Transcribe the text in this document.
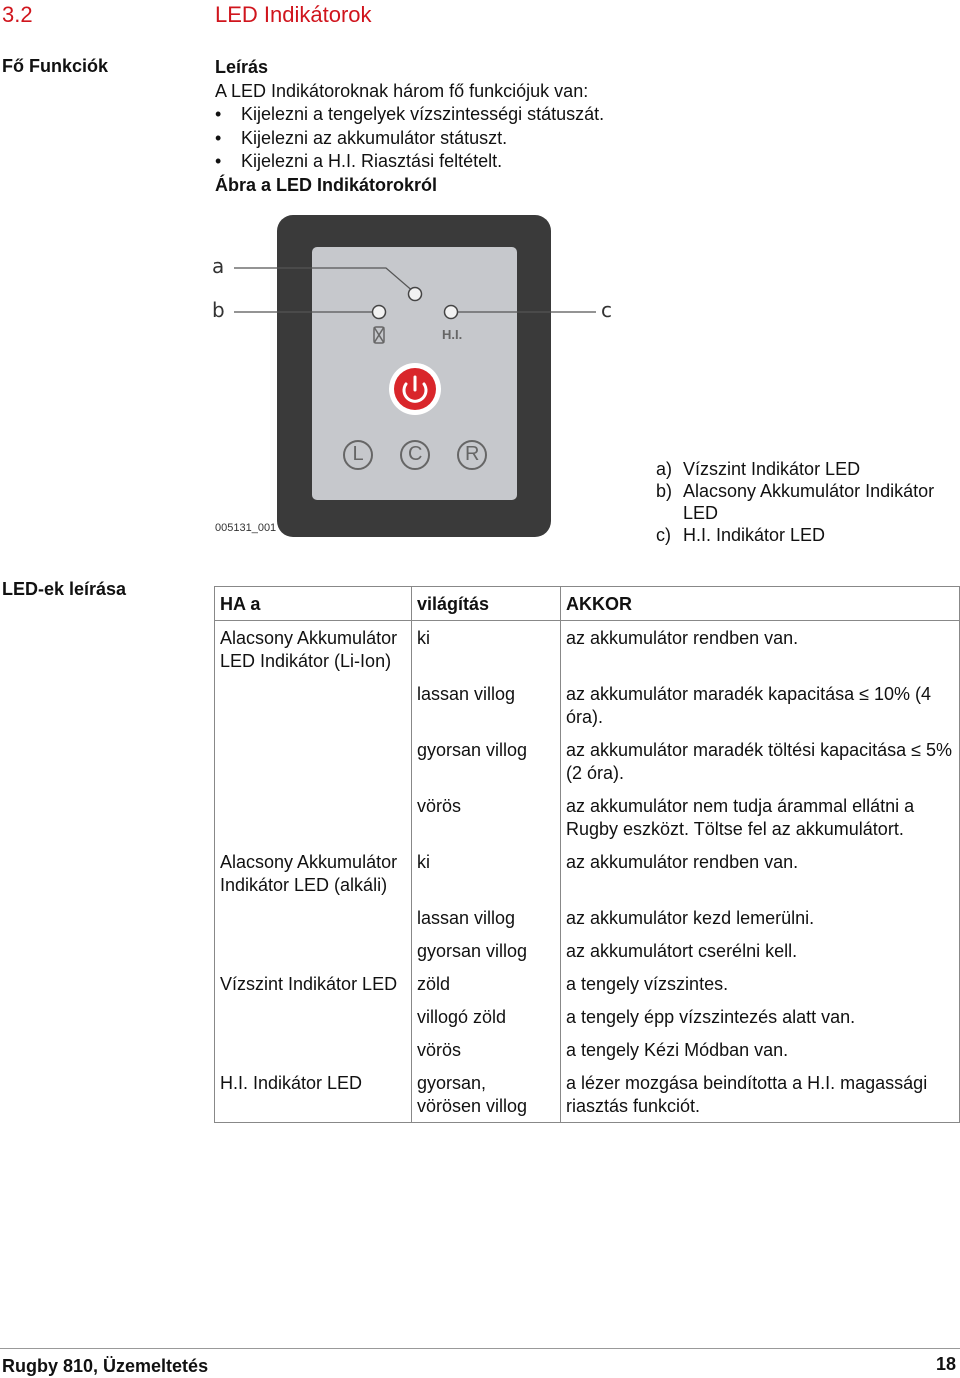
3.2	LED Indikátorok
Fő Funkciók	Leírás
A LED Indikátoroknak három fő funkciójuk van:
•	Kijelezni a tengelyek vízszintességi státuszát.
•	Kijelezni az akkumulátor státuszt.
•	Kijelezni a H.I. Riasztási feltételt.
Ábra a LED Indikátorokról
a
b	c
H.I.
L C R
005131_001
a) Vízszint Indikátor LED
b) Alacsony Akkumulátor Indikátor LED
c) H.I. Indikátor LED
LED-ek leírása
HA a	világítás	AKKOR
Alacsony Akkumulátor LED Indikátor (Li-Ion)	ki	az akkumulátor rendben van.
	lassan villog	az akkumulátor maradék kapacitása ≤ 10% (4 óra).
	gyorsan villog	az akkumulátor maradék töltési kapacitása ≤ 5% (2 óra).
	vörös	az akkumulátor nem tudja árammal ellátni a Rugby eszközt. Töltse fel az akkumulátort.
Alacsony Akkumulátor Indikátor LED (alkáli)	ki	az akkumulátor rendben van.
	lassan villog	az akkumulátor kezd lemerülni.
	gyorsan villog	az akkumulátort cserélni kell.
Vízszint Indikátor LED	zöld	a tengely vízszintes.
	villogó zöld	a tengely épp vízszintezés alatt van.
	vörös	a tengely Kézi Módban van.
H.I. Indikátor LED	gyorsan, vörösen villog	a lézer mozgása beindította a H.I. magassági riasztás funkciót.
Rugby 810, Üzemeltetés	18
